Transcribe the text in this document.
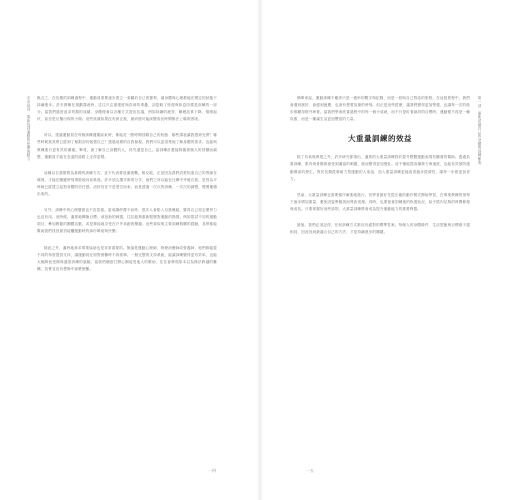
走出低谷：重新找回運動的快樂與動力 換言之，在長期的訓練過程中，運動員需要逐步建立一套屬於自己的節奏，讓身體與心理都能在穩定的狀態下持續進步。許多教練在規劃課表時，往往只注重強度與負荷的堆疊，卻忽略了恢復與休息同樣是訓練的一部分。當我們過度追求短期的成績，身體便會以各種方式提出抗議，例如持續的疲勞、睡眠品質下降、情緒起伏，甚至是反覆出現的小傷。這些訊號如果沒有被正視，最終便可能演變成長時間無法上場的困境。

所以，建議運動員在每個訓練週期結束時，都能花一點時間回顧自己的狀態：哪些課表讓我感到充實？哪些時候我其實已經到了極限卻仍勉強自己？透過這樣的自我檢視，我們可以更清楚地了解身體的需求，也能與教練進行更有效的溝通。畢竟，最了解自己身體的人，終究還是自己。當訓練計畫能夠隨著個人的回饋而調整，運動員才能在長遠的道路上走得更穩。

這種以自我覺察為基礎的訓練方式，並不代表要放棄挑戰。相反地，正是因為我們清楚知道自己的界線在哪裡，才能在關鍵時刻勇敢地向前推進。許多頂尖選手都曾分享，他們之所以能在比賽中突破自我，是因為平時就已經建立起對身體的信任感。這份信任不是憑空而來，而是透過一次次的訓練、一次次的調整，慢慢累積出來的。

另外，訓練中的心理層面也不容忽視。當成績停滯不前時，很多人會陷入自我懷疑，覺得自己再怎麼努力也沒有用。這時候，適度地轉換目標、尋找新的刺激，往往能夠重新點燃對運動的熱情。例如嘗試不同的運動項目、參加輕鬆的團體活動，或是單純地享受在戶外奔跑的樂趣。這些看似與主要訓練無關的經驗，其實都能幫助我們找回最初接觸運動時的那份單純與快樂。

除此之外，適時地尋求專業協助也是非常重要的。無論是運動心理師、物理治療師或營養師，他們都能從不同的角度提供支持，讓運動員在面對困難時不再孤單。一個完整的支持系統，能讓訓練變得更有效率，也能大幅降低受傷與過度訓練的風險。當我們願意打開心胸接受他人的幫助，往往會發現原本以為無法跨越的難關，其實並沒有想像中那麼困難。

一四
第一部　重新認識自己的身體與訓練節奏

簡單來說，運動訓練不應該只是一連串的數字與紀錄，而是一段與自己對話的旅程。在這段旅程中，我們會遇到挫折、會感到疲憊，也會有想要放棄的時刻。但正是這些經歷，讓我們變得更加堅強，也讓每一次的進步都顯得格外珍貴。當我們學會欣賞過程中的每一個小成就，而不只是盯著最終的目標時，運動便不再是一種負擔，而是一種讓生活更加豐富的力量。

大重量訓練的效益

除了有氧與伸展之外，許多研究都指出，適度的大重量訓練對於提升整體運動表現有顯著的幫助。透過負重訓練，肌肉與骨骼都會受到適當的刺激，進而變得更加強壯。這不僅能提高爆發力與速度，也能有效預防運動傷害的發生。對於長期從事耐力型運動的人來說，加入重量訓練更能改善跑步經濟性，讓每一步都更加省力。

然而，大重量訓練也需要循序漸進地進行。初學者最好先從正確的動作模式開始學習，在專業教練的指導下逐步增加重量，避免因姿勢錯誤而導致受傷。同時，也要留意訓練後的恢復狀況，給予肌肉足夠的時間修復與成長。只要掌握好這些原則，大重量訓練將會成為提升運動能力的重要利器。

最後，我們必須記得，任何訓練方式都沒有絕對的標準答案。每個人的身體條件、生活型態與目標都不盡相同，因此找到最適合自己的方法，才是持續進步的關鍵。

一五
